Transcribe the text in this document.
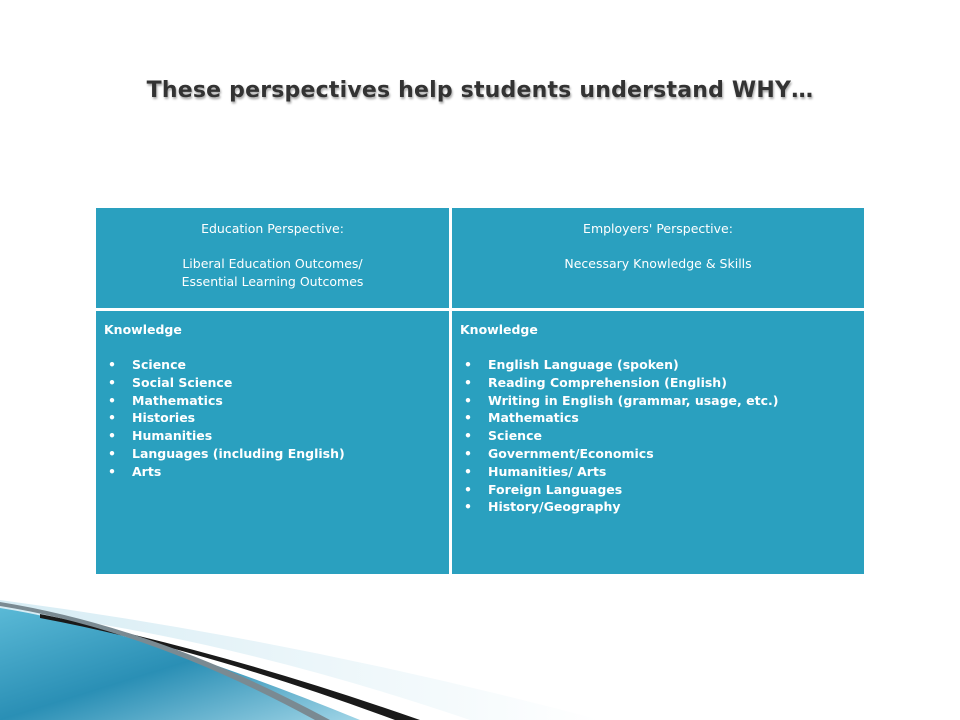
These perspectives help students understand WHY…
Education Perspective:
Liberal Education Outcomes/
Essential Learning Outcomes
Employers' Perspective:
Necessary Knowledge & Skills
Knowledge
• Science
• Social Science
• Mathematics
• Histories
• Humanities
• Languages (including English)
• Arts
Knowledge
• English Language (spoken)
• Reading Comprehension (English)
• Writing in English (grammar, usage, etc.)
• Mathematics
• Science
• Government/Economics
• Humanities/ Arts
• Foreign Languages
• History/Geography
